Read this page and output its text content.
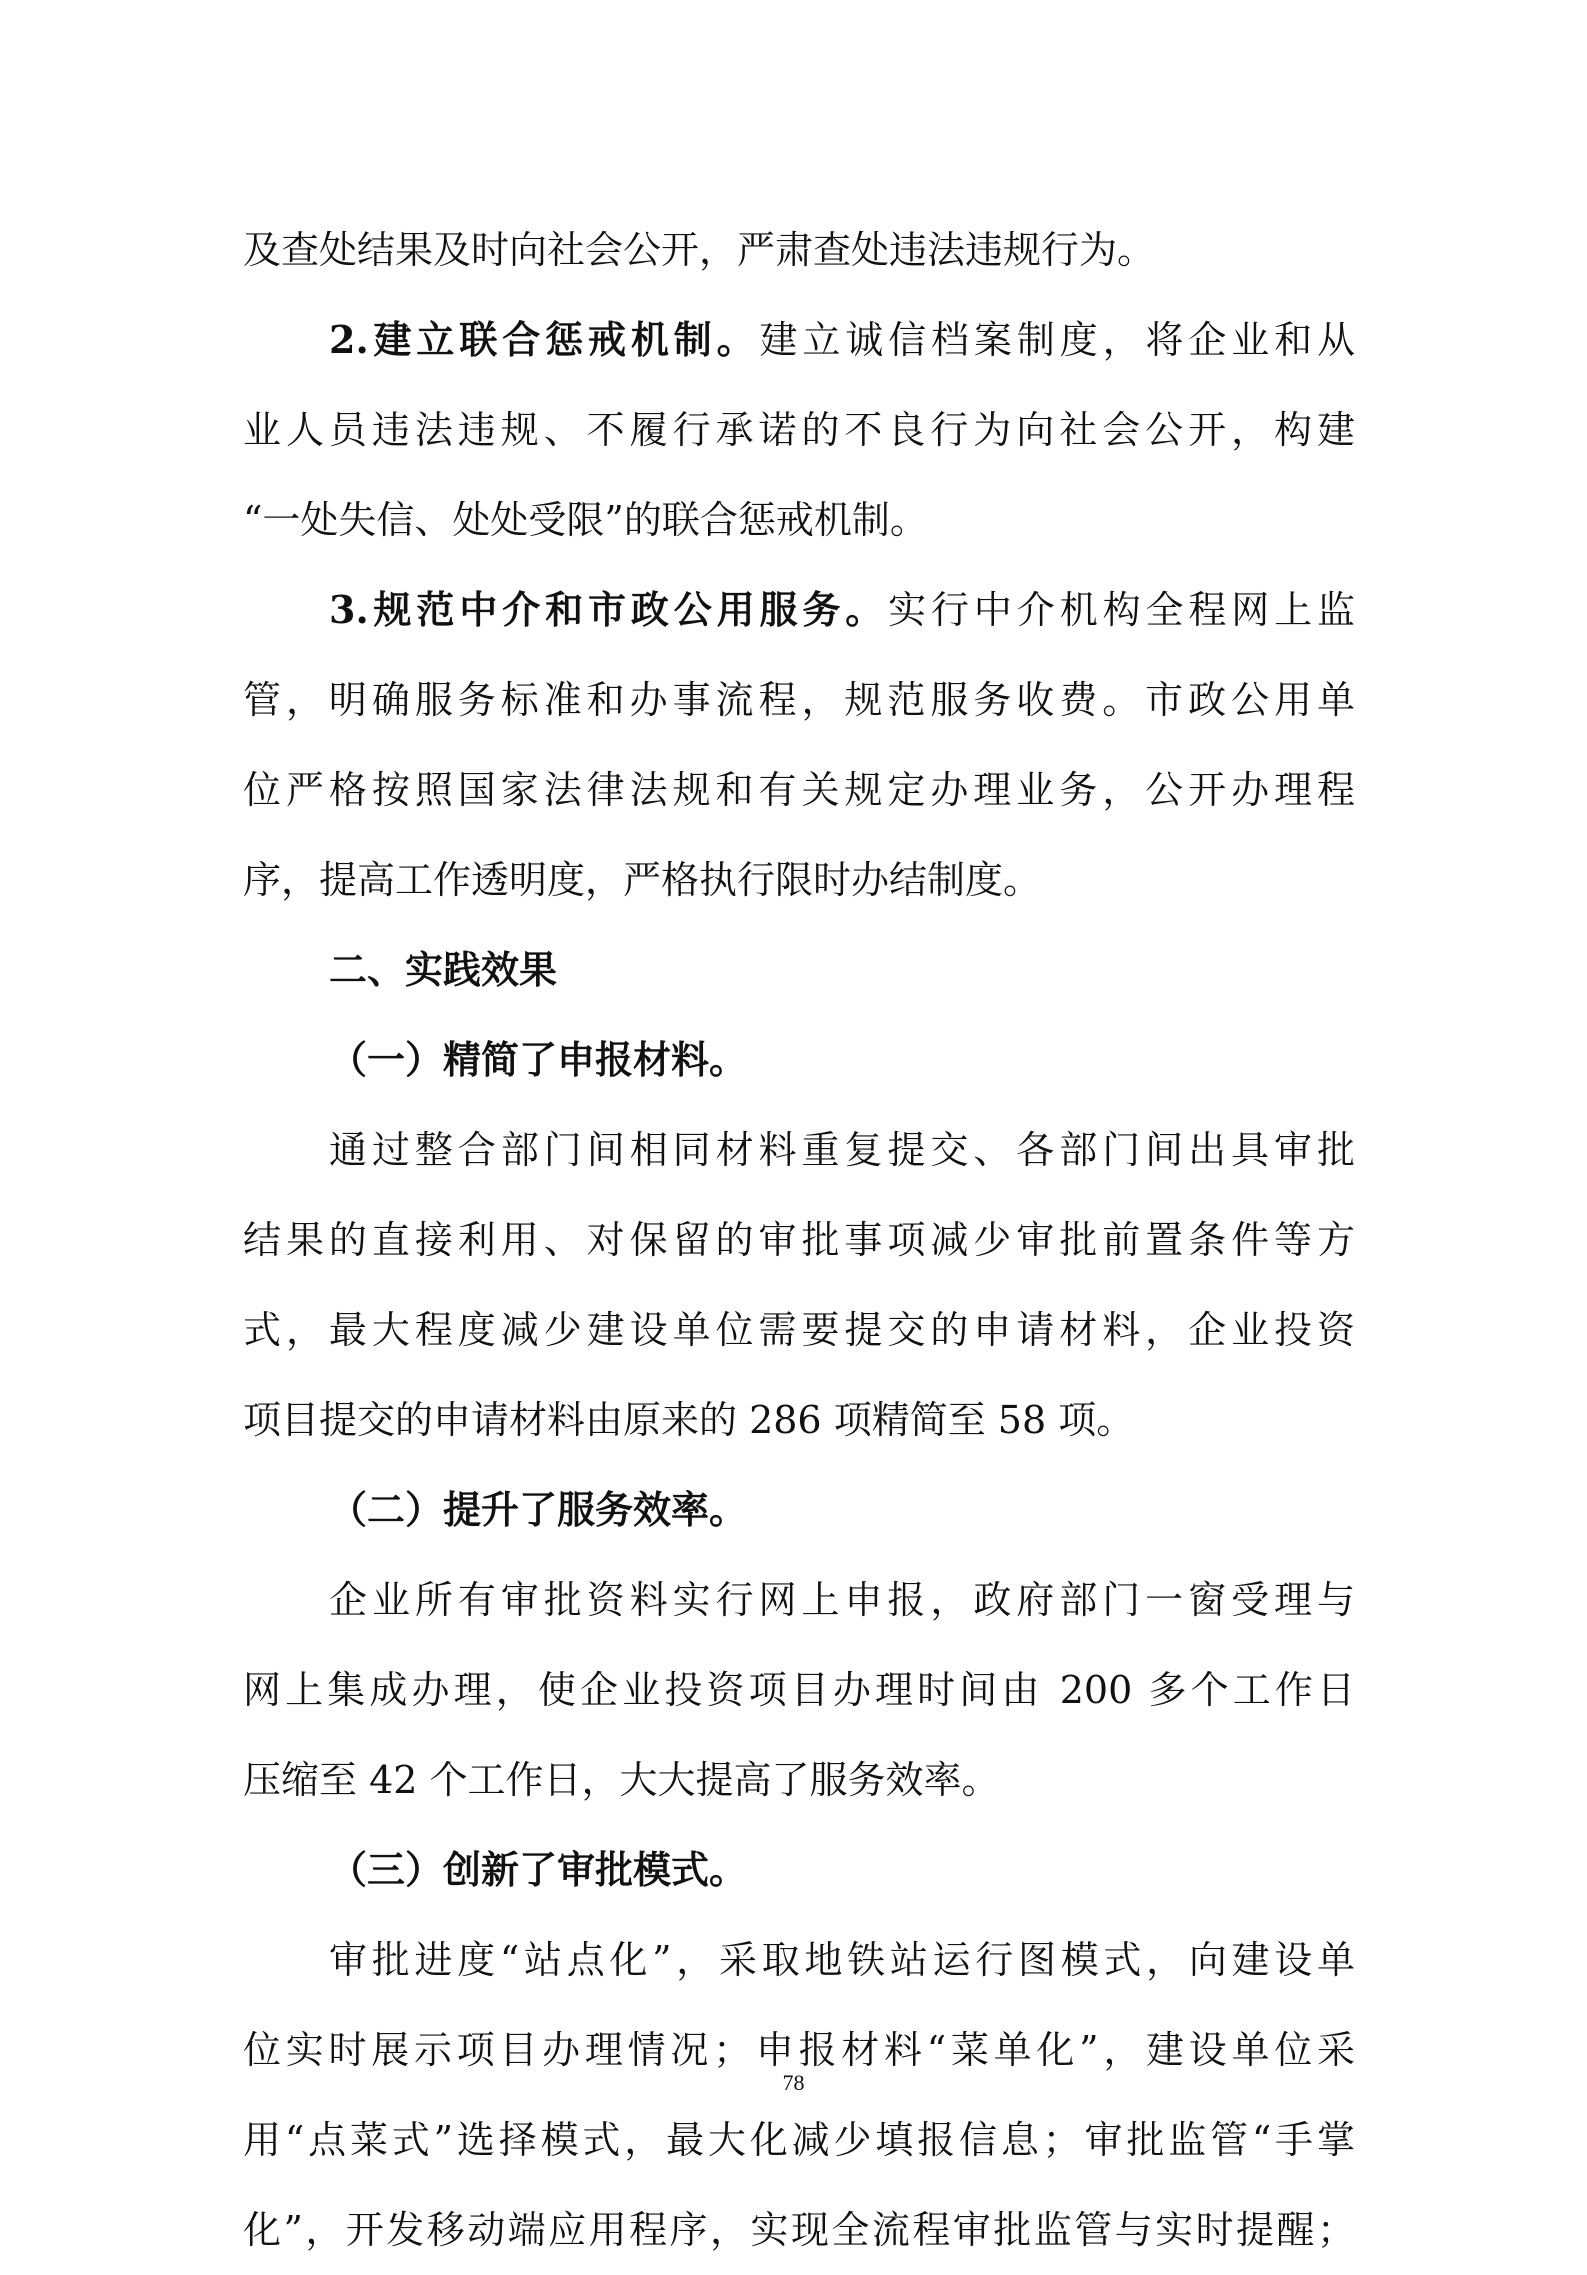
及查处结果及时向社会公开，严肃查处违法违规行为。
2.建立联合惩戒机制。建立诚信档案制度，将企业和从
业人员违法违规、不履行承诺的不良行为向社会公开，构建
“一处失信、处处受限”的联合惩戒机制。
3.规范中介和市政公用服务。实行中介机构全程网上监
管，明确服务标准和办事流程，规范服务收费。市政公用单
位严格按照国家法律法规和有关规定办理业务，公开办理程
序，提高工作透明度，严格执行限时办结制度。
二、实践效果
（一）精简了申报材料。
通过整合部门间相同材料重复提交、各部门间出具审批
结果的直接利用、对保留的审批事项减少审批前置条件等方
式，最大程度减少建设单位需要提交的申请材料，企业投资
项目提交的申请材料由原来的 286 项精简至 58 项。
（二）提升了服务效率。
企业所有审批资料实行网上申报，政府部门一窗受理与
网上集成办理，使企业投资项目办理时间由 200 多个工作日
压缩至 42 个工作日，大大提高了服务效率。
（三）创新了审批模式。
审批进度“站点化”，采取地铁站运行图模式，向建设单
位实时展示项目办理情况；申报材料“菜单化”，建设单位采
用“点菜式”选择模式，最大化减少填报信息；审批监管“手掌
化”，开发移动端应用程序，实现全流程审批监管与实时提醒；
78
